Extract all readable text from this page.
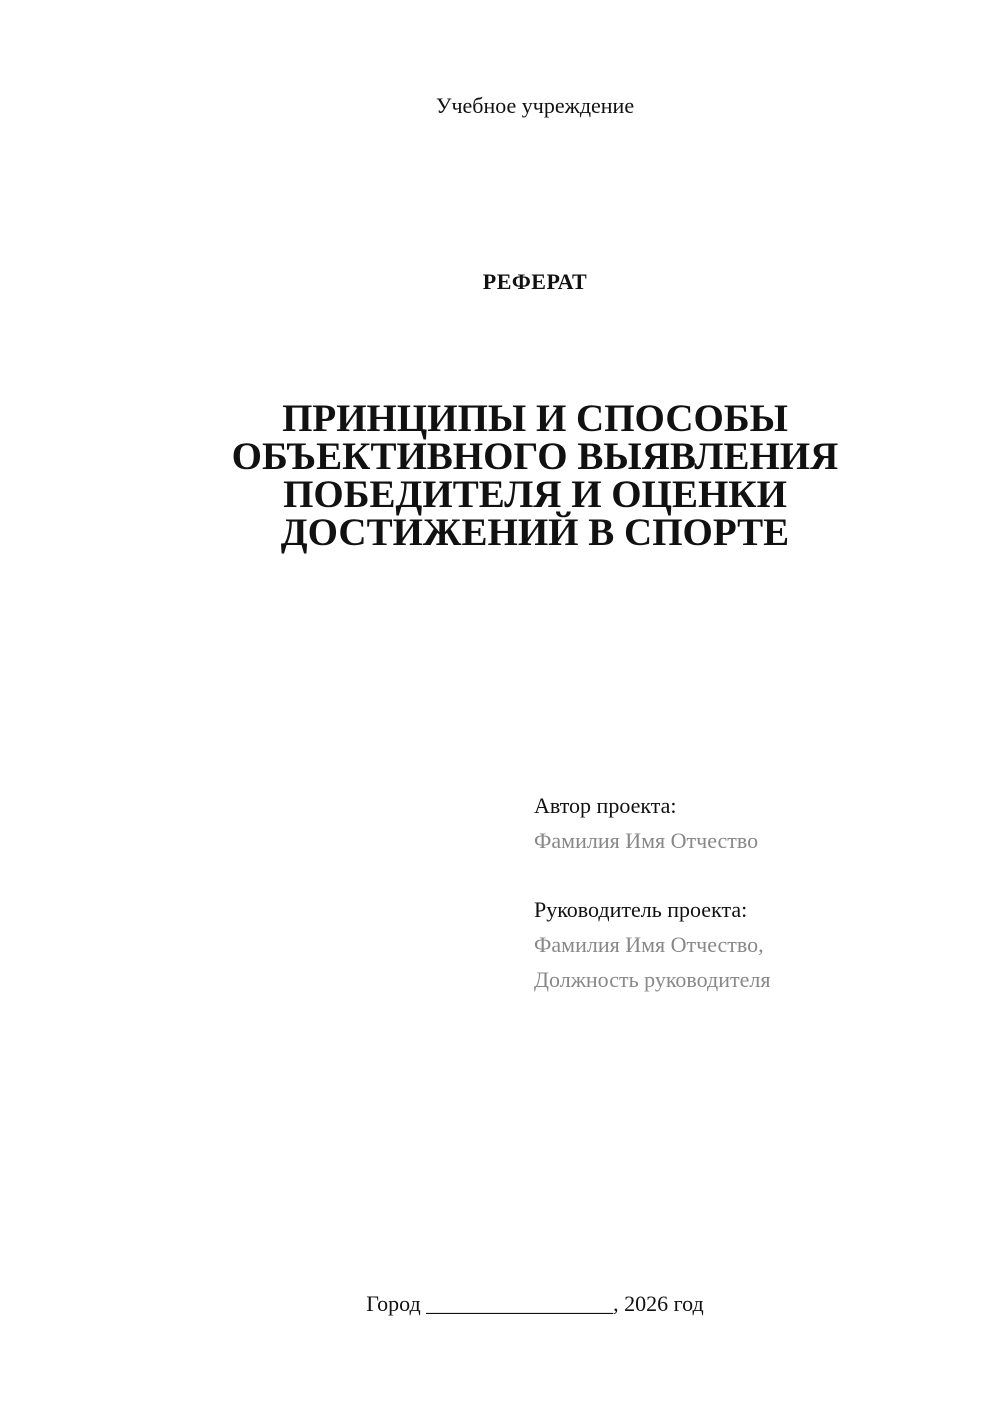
Учебное учреждение
РЕФЕРАТ
ПРИНЦИПЫ И СПОСОБЫ
ОБЪЕКТИВНОГО ВЫЯВЛЕНИЯ
ПОБЕДИТЕЛЯ И ОЦЕНКИ
ДОСТИЖЕНИЙ В СПОРТЕ
Автор проекта:
Фамилия Имя Отчество
Руководитель проекта:
Фамилия Имя Отчество,
Должность руководителя
Город _________________, 2026 год
